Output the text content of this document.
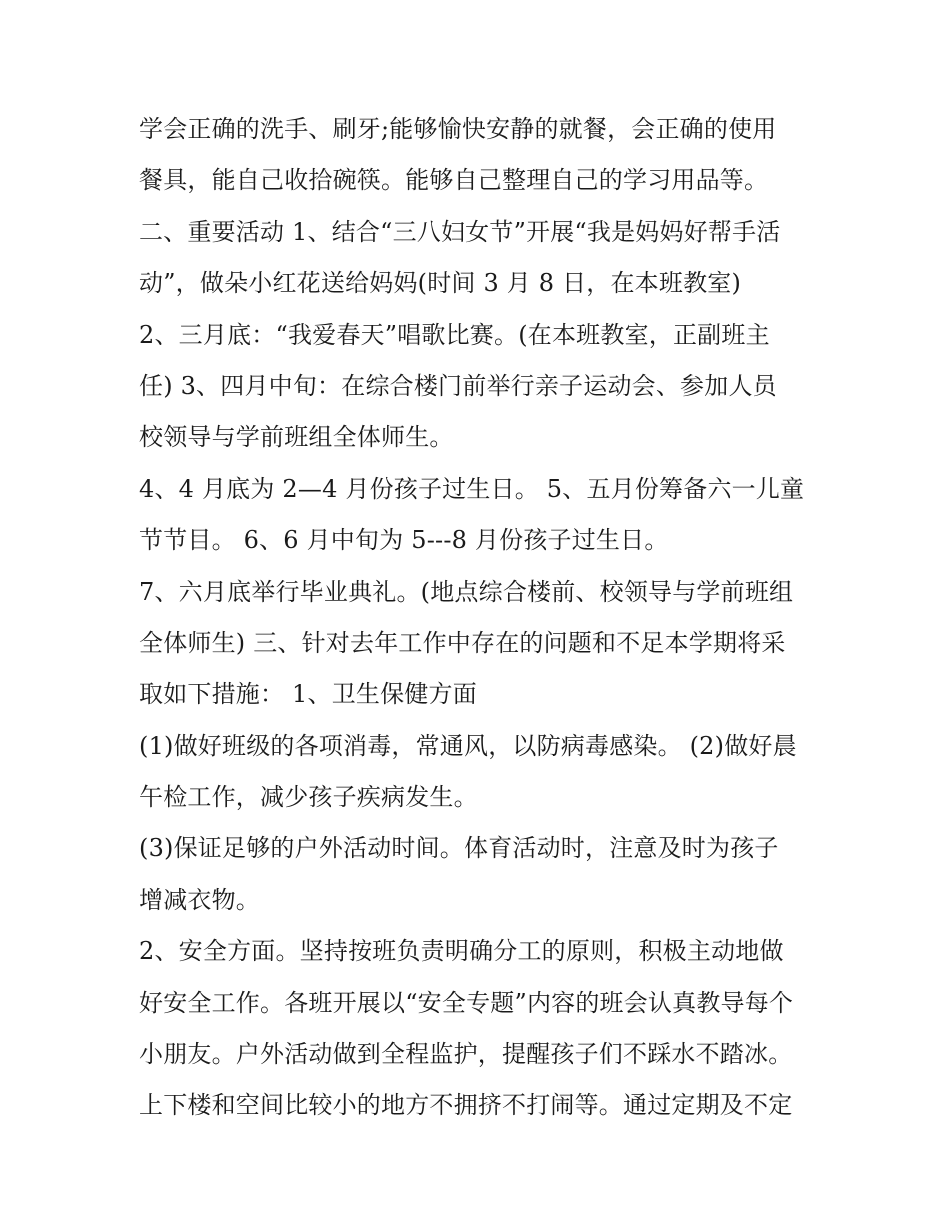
学会正确的洗手、刷牙;能够愉快安静的就餐，会正确的使用
餐具，能自己收拾碗筷。能够自己整理自己的学习用品等。
二、重要活动 1、结合“三八妇女节”开展“我是妈妈好帮手活
动”，做朵小红花送给妈妈(时间 3 月 8 日，在本班教室)
2、三月底：“我爱春天”唱歌比赛。(在本班教室，正副班主
任) 3、四月中旬：在综合楼门前举行亲子运动会、参加人员
校领导与学前班组全体师生。
4、4 月底为 2—4 月份孩子过生日。 5、五月份筹备六一儿童
节节目。 6、6 月中旬为 5---8 月份孩子过生日。
7、六月底举行毕业典礼。(地点综合楼前、校领导与学前班组
全体师生) 三、针对去年工作中存在的问题和不足本学期将采
取如下措施： 1、卫生保健方面
(1)做好班级的各项消毒，常通风，以防病毒感染。 (2)做好晨
午检工作，减少孩子疾病发生。
(3)保证足够的户外活动时间。体育活动时，注意及时为孩子
增减衣物。
2、安全方面。坚持按班负责明确分工的原则，积极主动地做
好安全工作。各班开展以“安全专题”内容的班会认真教导每个
小朋友。户外活动做到全程监护，提醒孩子们不踩水不踏冰。
上下楼和空间比较小的地方不拥挤不打闹等。通过定期及不定
